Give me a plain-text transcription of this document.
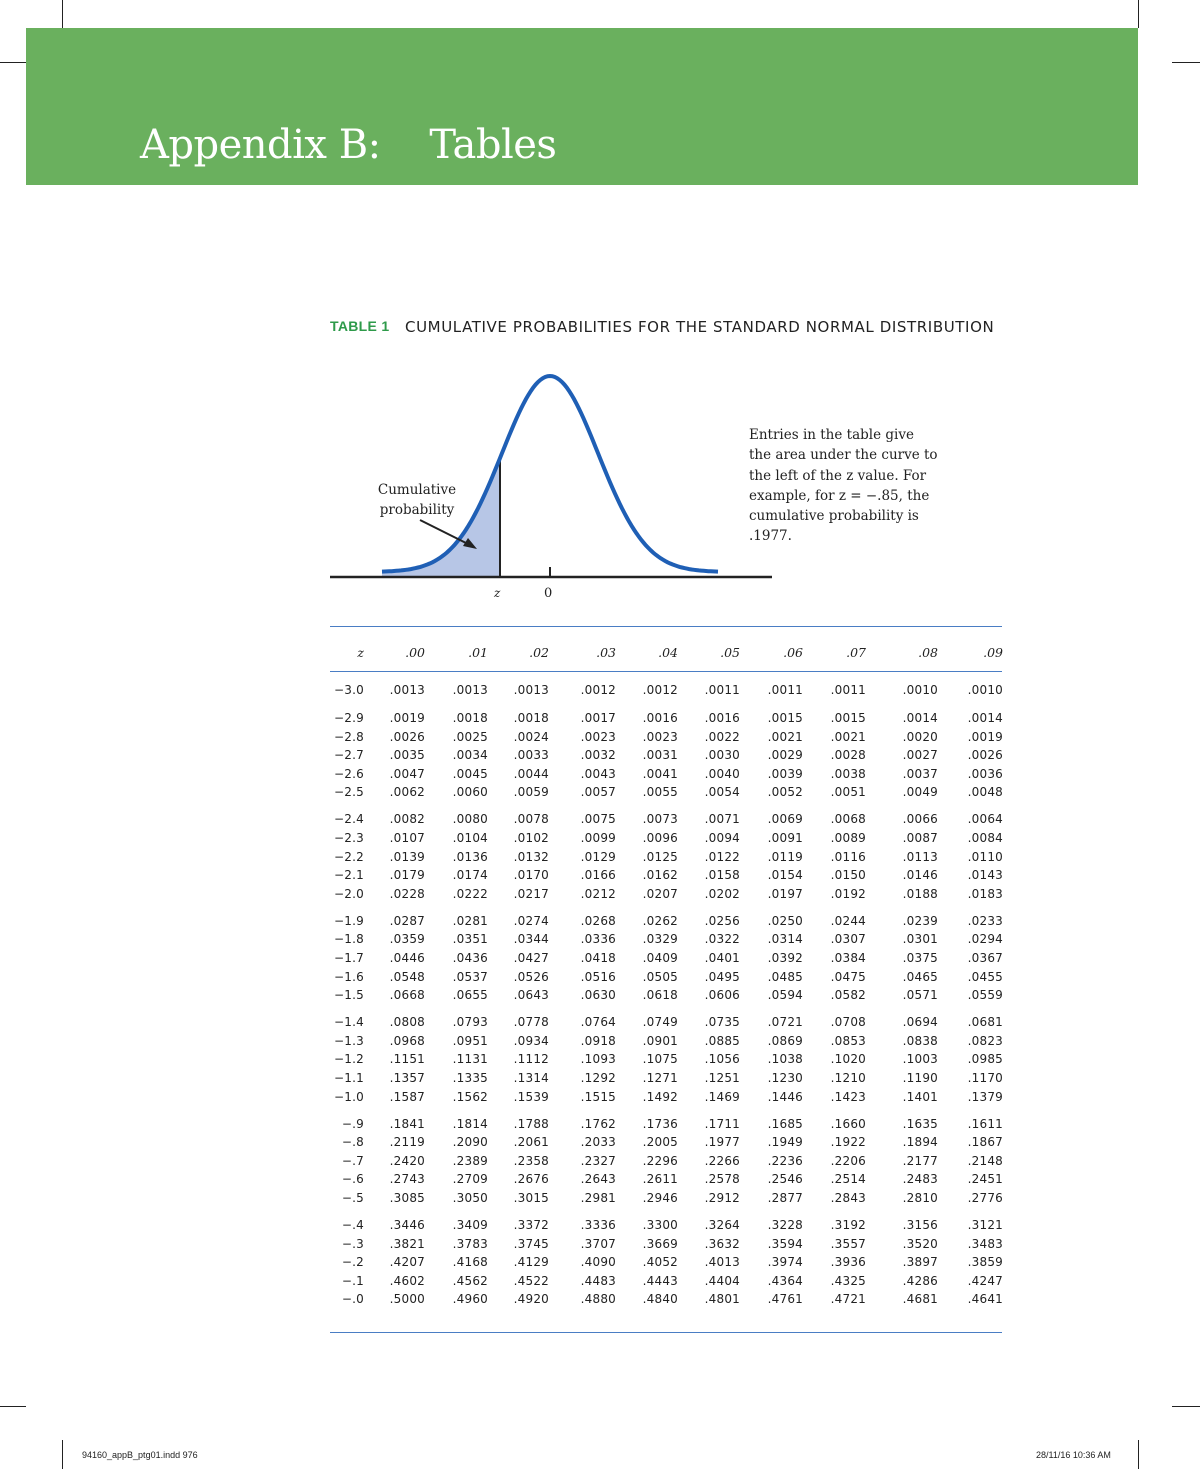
Appendix B:    Tables
TABLE 1 CUMULATIVE PROBABILITIES FOR THE STANDARD NORMAL DISTRIBUTION
Cumulative probability
z	0
Entries in the table give the area under the curve to the left of the z value. For example, for z = −.85, the cumulative probability is .1977.
z	.00	.01	.02	.03	.04	.05	.06	.07	.08	.09
−3.0	.0013	.0013	.0013	.0012	.0012	.0011	.0011	.0011	.0010	.0010
−2.9	.0019	.0018	.0018	.0017	.0016	.0016	.0015	.0015	.0014	.0014
−2.8	.0026	.0025	.0024	.0023	.0023	.0022	.0021	.0021	.0020	.0019
−2.7	.0035	.0034	.0033	.0032	.0031	.0030	.0029	.0028	.0027	.0026
−2.6	.0047	.0045	.0044	.0043	.0041	.0040	.0039	.0038	.0037	.0036
−2.5	.0062	.0060	.0059	.0057	.0055	.0054	.0052	.0051	.0049	.0048
−2.4	.0082	.0080	.0078	.0075	.0073	.0071	.0069	.0068	.0066	.0064
−2.3	.0107	.0104	.0102	.0099	.0096	.0094	.0091	.0089	.0087	.0084
−2.2	.0139	.0136	.0132	.0129	.0125	.0122	.0119	.0116	.0113	.0110
−2.1	.0179	.0174	.0170	.0166	.0162	.0158	.0154	.0150	.0146	.0143
−2.0	.0228	.0222	.0217	.0212	.0207	.0202	.0197	.0192	.0188	.0183
−1.9	.0287	.0281	.0274	.0268	.0262	.0256	.0250	.0244	.0239	.0233
−1.8	.0359	.0351	.0344	.0336	.0329	.0322	.0314	.0307	.0301	.0294
−1.7	.0446	.0436	.0427	.0418	.0409	.0401	.0392	.0384	.0375	.0367
−1.6	.0548	.0537	.0526	.0516	.0505	.0495	.0485	.0475	.0465	.0455
−1.5	.0668	.0655	.0643	.0630	.0618	.0606	.0594	.0582	.0571	.0559
−1.4	.0808	.0793	.0778	.0764	.0749	.0735	.0721	.0708	.0694	.0681
−1.3	.0968	.0951	.0934	.0918	.0901	.0885	.0869	.0853	.0838	.0823
−1.2	.1151	.1131	.1112	.1093	.1075	.1056	.1038	.1020	.1003	.0985
−1.1	.1357	.1335	.1314	.1292	.1271	.1251	.1230	.1210	.1190	.1170
−1.0	.1587	.1562	.1539	.1515	.1492	.1469	.1446	.1423	.1401	.1379
−.9	.1841	.1814	.1788	.1762	.1736	.1711	.1685	.1660	.1635	.1611
−.8	.2119	.2090	.2061	.2033	.2005	.1977	.1949	.1922	.1894	.1867
−.7	.2420	.2389	.2358	.2327	.2296	.2266	.2236	.2206	.2177	.2148
−.6	.2743	.2709	.2676	.2643	.2611	.2578	.2546	.2514	.2483	.2451
−.5	.3085	.3050	.3015	.2981	.2946	.2912	.2877	.2843	.2810	.2776
−.4	.3446	.3409	.3372	.3336	.3300	.3264	.3228	.3192	.3156	.3121
−.3	.3821	.3783	.3745	.3707	.3669	.3632	.3594	.3557	.3520	.3483
−.2	.4207	.4168	.4129	.4090	.4052	.4013	.3974	.3936	.3897	.3859
−.1	.4602	.4562	.4522	.4483	.4443	.4404	.4364	.4325	.4286	.4247
−.0	.5000	.4960	.4920	.4880	.4840	.4801	.4761	.4721	.4681	.4641
94160_appB_ptg01.indd 976	28/11/16 10:36 AM
